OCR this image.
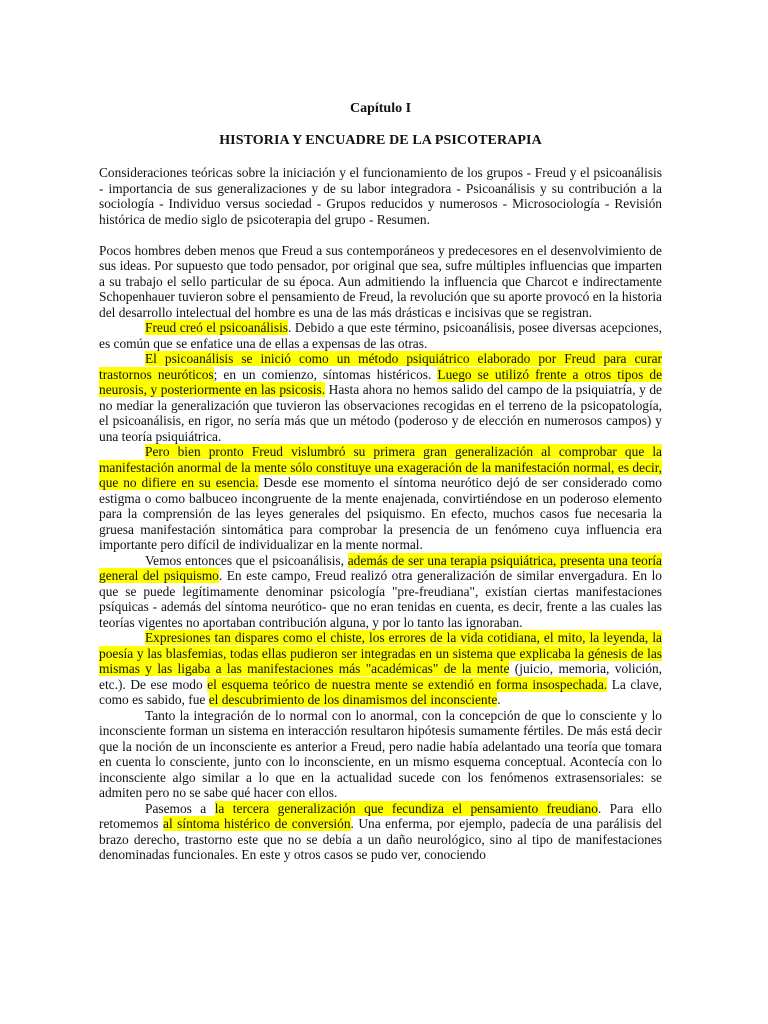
Capítulo I
HISTORIA Y ENCUADRE DE LA PSICOTERAPIA

Consideraciones teóricas sobre la iniciación y el funcionamiento de los grupos - Freud y el psicoanálisis - importancia de sus generalizaciones y de su labor integradora - Psicoanálisis y su contribución a la sociología - Individuo versus sociedad - Grupos reducidos y numerosos - Microsociología - Revisión histórica de medio siglo de psicoterapia del grupo - Resumen.

Pocos hombres deben menos que Freud a sus contemporáneos y predecesores en el desenvolvimiento de sus ideas. Por supuesto que todo pensador, por original que sea, sufre múltiples influencias que imparten a su trabajo el sello particular de su época. Aun admitiendo la influencia que Charcot e indirectamente Schopenhauer tuvieron sobre el pensamiento de Freud, la revolución que su aporte provocó en la historia del desarrollo intelectual del hombre es una de las más drásticas e incisivas que se registran.

Freud creó el psicoanálisis. Debido a que este término, psicoanálisis, posee diversas acepciones, es común que se enfatice una de ellas a expensas de las otras.

El psicoanálisis se inició como un método psiquiátrico elaborado por Freud para curar trastornos neuróticos; en un comienzo, síntomas histéricos. Luego se utilizó frente a otros tipos de neurosis, y posteriormente en las psicosis. Hasta ahora no hemos salido del campo de la psiquiatría, y de no mediar la generalización que tuvieron las observaciones recogidas en el terreno de la psicopatología, el psicoanálisis, en rigor, no sería más que un método (poderoso y de elección en numerosos campos) y una teoría psiquiátrica.

Pero bien pronto Freud vislumbró su primera gran generalización al comprobar que la manifestación anormal de la mente sólo constituye una exageración de la manifestación normal, es decir, que no difiere en su esencia. Desde ese momento el síntoma neurótico dejó de ser considerado como estigma o como balbuceo incongruente de la mente enajenada, convirtiéndose en un poderoso elemento para la comprensión de las leyes generales del psiquismo. En efecto, muchos casos fue necesaria la gruesa manifestación sintomática para comprobar la presencia de un fenómeno cuya influencia era importante pero difícil de individualizar en la mente normal.

Vemos entonces que el psicoanálisis, además de ser una terapia psiquiátrica, presenta una teoría general del psiquismo. En este campo, Freud realizó otra generalización de similar envergadura. En lo que se puede legítimamente denominar psicología "pre-freudiana", existían ciertas manifestaciones psíquicas - además del síntoma neurótico- que no eran tenidas en cuenta, es decir, frente a las cuales las teorías vigentes no aportaban contribución alguna, y por lo tanto las ignoraban.

Expresiones tan dispares como el chiste, los errores de la vida cotidiana, el mito, la leyenda, la poesía y las blasfemias, todas ellas pudieron ser integradas en un sistema que explicaba la génesis de las mismas y las ligaba a las manifestaciones más "académicas" de la mente (juicio, memoria, volición, etc.). De ese modo el esquema teórico de nuestra mente se extendió en forma insospechada. La clave, como es sabido, fue el descubrimiento de los dinamismos del inconsciente.

Tanto la integración de lo normal con lo anormal, con la concepción de que lo consciente y lo inconsciente forman un sistema en interacción resultaron hipótesis sumamente fértiles. De más está decir que la noción de un inconsciente es anterior a Freud, pero nadie había adelantado una teoría que tomara en cuenta lo consciente, junto con lo inconsciente, en un mismo esquema conceptual. Acontecía con lo inconsciente algo similar a lo que en la actualidad sucede con los fenómenos extrasensoriales: se admiten pero no se sabe qué hacer con ellos.

Pasemos a la tercera generalización que fecundiza el pensamiento freudiano. Para ello retomemos al síntoma histérico de conversión. Una enferma, por ejemplo, padecía de una parálisis del brazo derecho, trastorno este que no se debía a un daño neurológico, sino al tipo de manifestaciones denominadas funcionales. En este y otros casos se pudo ver, conociendo
